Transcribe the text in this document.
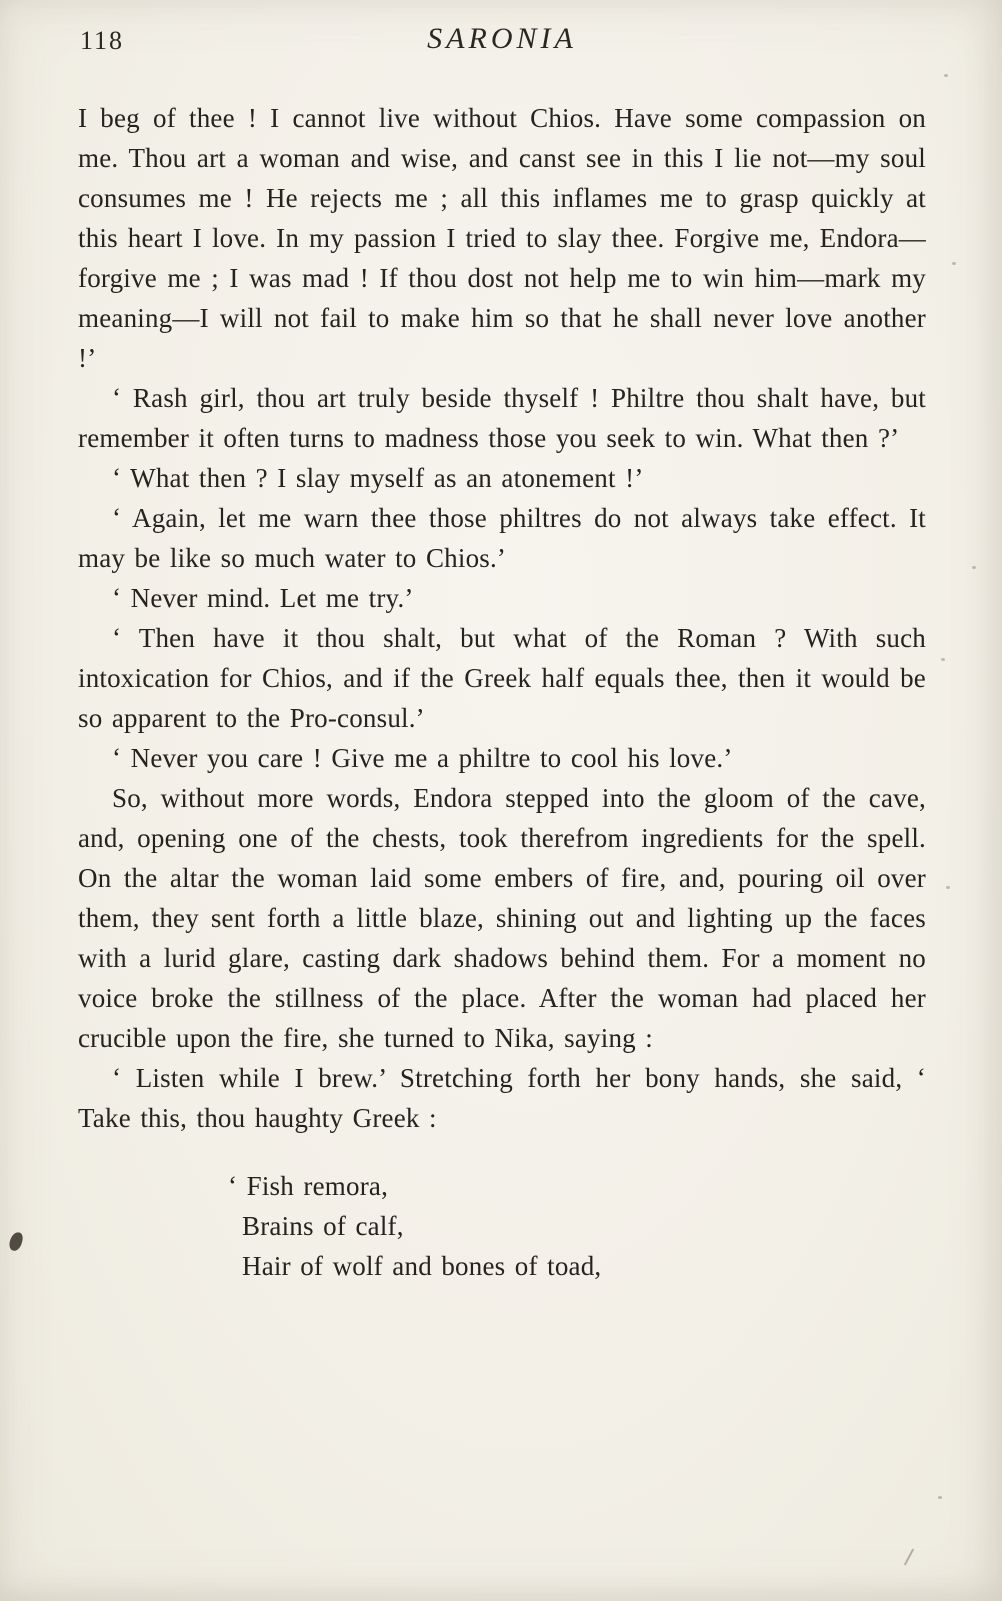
118	SARONIA

I beg of thee ! I cannot live without Chios. Have some compassion on me. Thou art a woman and wise, and canst see in this I lie not—my soul consumes me ! He rejects me ; all this inflames me to grasp quickly at this heart I love. In my passion I tried to slay thee. Forgive me, Endora—forgive me ; I was mad ! If thou dost not help me to win him—mark my meaning—I will not fail to make him so that he shall never love another !’

‘ Rash girl, thou art truly beside thyself ! Philtre thou shalt have, but remember it often turns to madness those you seek to win. What then ?’

‘ What then ? I slay myself as an atonement !’

‘ Again, let me warn thee those philtres do not always take effect. It may be like so much water to Chios.’

‘ Never mind. Let me try.’

‘ Then have it thou shalt, but what of the Roman ? With such intoxication for Chios, and if the Greek half equals thee, then it would be so apparent to the Pro-consul.’

‘ Never you care ! Give me a philtre to cool his love.’

So, without more words, Endora stepped into the gloom of the cave, and, opening one of the chests, took therefrom ingredients for the spell. On the altar the woman laid some embers of fire, and, pouring oil over them, they sent forth a little blaze, shining out and lighting up the faces with a lurid glare, casting dark shadows behind them. For a moment no voice broke the stillness of the place. After the woman had placed her crucible upon the fire, she turned to Nika, saying :

‘ Listen while I brew.’ Stretching forth her bony hands, she said, ‘ Take this, thou haughty Greek :

‘ Fish remora,
Brains of calf,
Hair of wolf and bones of toad,
